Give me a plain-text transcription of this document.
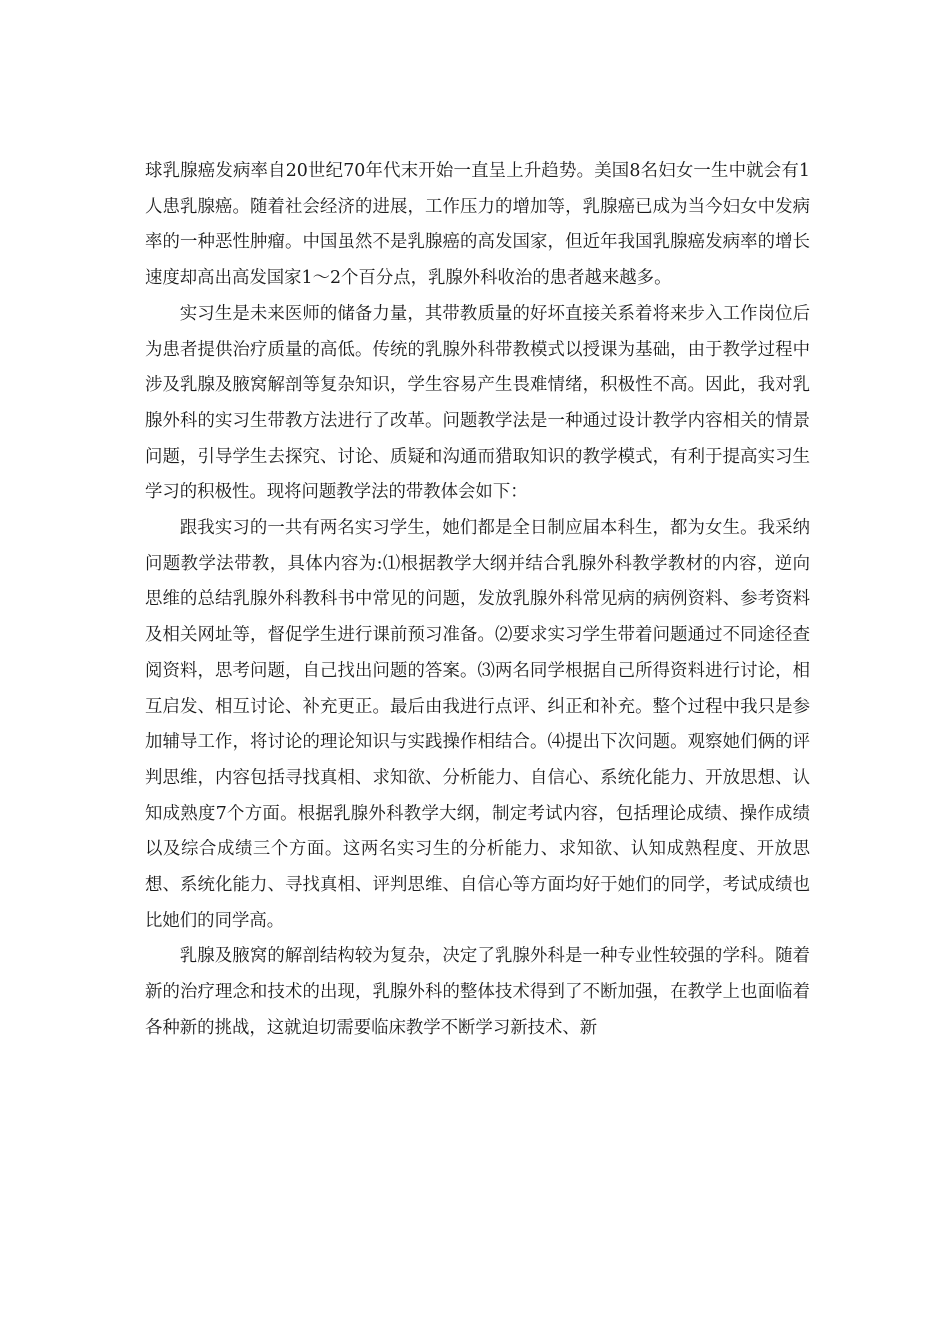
球乳腺癌发病率自20世纪70年代末开始一直呈上升趋势。美国8名妇女一生中就会有1人患乳腺癌。随着社会经济的进展，工作压力的增加等，乳腺癌已成为当今妇女中发病率的一种恶性肿瘤。中国虽然不是乳腺癌的高发国家，但近年我国乳腺癌发病率的增长速度却高出高发国家1～2个百分点，乳腺外科收治的患者越来越多。

实习生是未来医师的储备力量，其带教质量的好坏直接关系着将来步入工作岗位后为患者提供治疗质量的高低。传统的乳腺外科带教模式以授课为基础，由于教学过程中涉及乳腺及腋窝解剖等复杂知识，学生容易产生畏难情绪，积极性不高。因此，我对乳腺外科的实习生带教方法进行了改革。问题教学法是一种通过设计教学内容相关的情景问题，引导学生去探究、讨论、质疑和沟通而猎取知识的教学模式，有利于提高实习生学习的积极性。现将问题教学法的带教体会如下：

跟我实习的一共有两名实习学生，她们都是全日制应届本科生，都为女生。我采纳问题教学法带教，具体内容为:⑴根据教学大纲并结合乳腺外科教学教材的内容，逆向思维的总结乳腺外科教科书中常见的问题，发放乳腺外科常见病的病例资料、参考资料及相关网址等，督促学生进行课前预习准备。⑵要求实习学生带着问题通过不同途径查阅资料，思考问题，自己找出问题的答案。⑶两名同学根据自己所得资料进行讨论，相互启发、相互讨论、补充更正。最后由我进行点评、纠正和补充。整个过程中我只是参加辅导工作，将讨论的理论知识与实践操作相结合。⑷提出下次问题。观察她们俩的评判思维，内容包括寻找真相、求知欲、分析能力、自信心、系统化能力、开放思想、认知成熟度7个方面。根据乳腺外科教学大纲，制定考试内容，包括理论成绩、操作成绩以及综合成绩三个方面。这两名实习生的分析能力、求知欲、认知成熟程度、开放思想、系统化能力、寻找真相、评判思维、自信心等方面均好于她们的同学，考试成绩也比她们的同学高。

乳腺及腋窝的解剖结构较为复杂，决定了乳腺外科是一种专业性较强的学科。随着新的治疗理念和技术的出现，乳腺外科的整体技术得到了不断加强，在教学上也面临着各种新的挑战，这就迫切需要临床教学不断学习新技术、新
